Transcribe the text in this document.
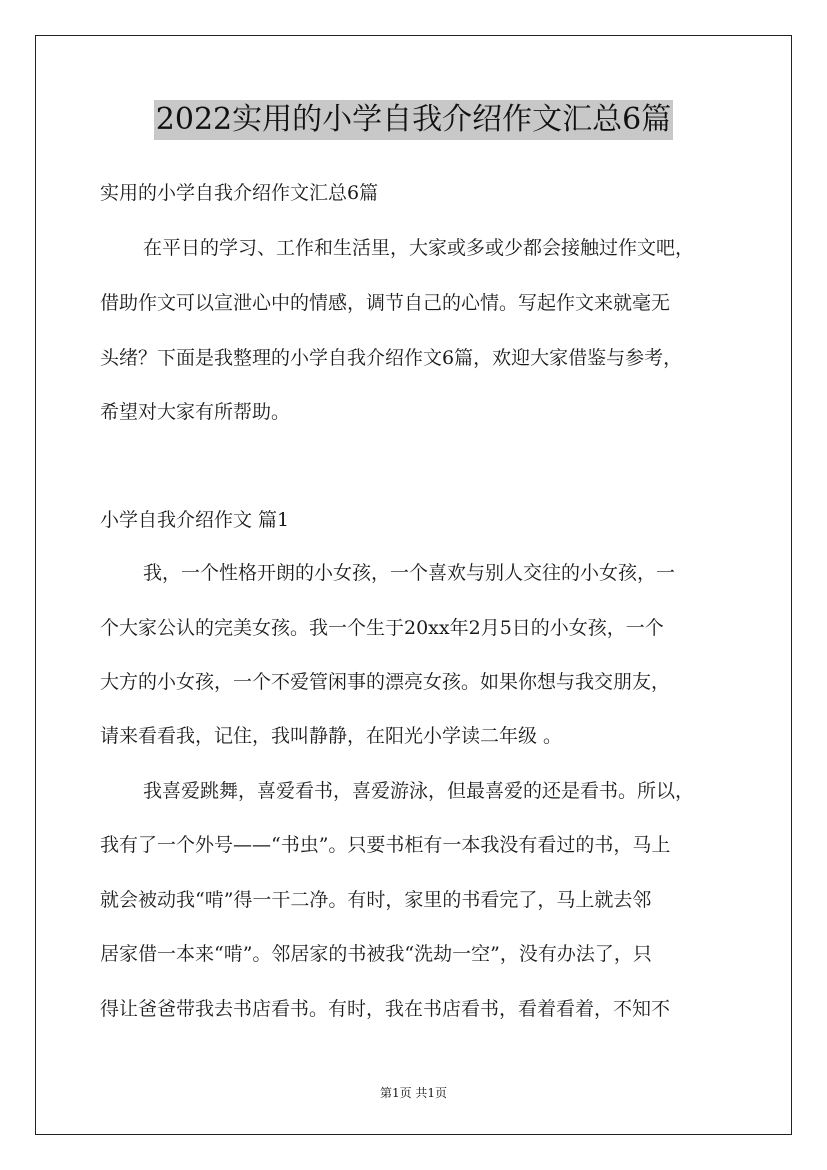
2022实用的小学自我介绍作文汇总6篇
实用的小学自我介绍作文汇总6篇
在平日的学习、工作和生活里，大家或多或少都会接触过作文吧，
借助作文可以宣泄心中的情感，调节自己的心情。写起作文来就毫无
头绪？下面是我整理的小学自我介绍作文6篇，欢迎大家借鉴与参考，
希望对大家有所帮助。
小学自我介绍作文 篇1
我，一个性格开朗的小女孩，一个喜欢与别人交往的小女孩，一
个大家公认的完美女孩。我一个生于20xx年2月5日的小女孩，一个
大方的小女孩，一个不爱管闲事的漂亮女孩。如果你想与我交朋友，
请来看看我，记住，我叫静静，在阳光小学读二年级 。
我喜爱跳舞，喜爱看书，喜爱游泳，但最喜爱的还是看书。所以，
我有了一个外号——“书虫”。只要书柜有一本我没有看过的书，马上
就会被动我“啃”得一干二净。有时，家里的书看完了，马上就去邻
居家借一本来“啃”。邻居家的书被我“洗劫一空”，没有办法了，只
得让爸爸带我去书店看书。有时，我在书店看书，看着看着，不知不
第1页 共1页
